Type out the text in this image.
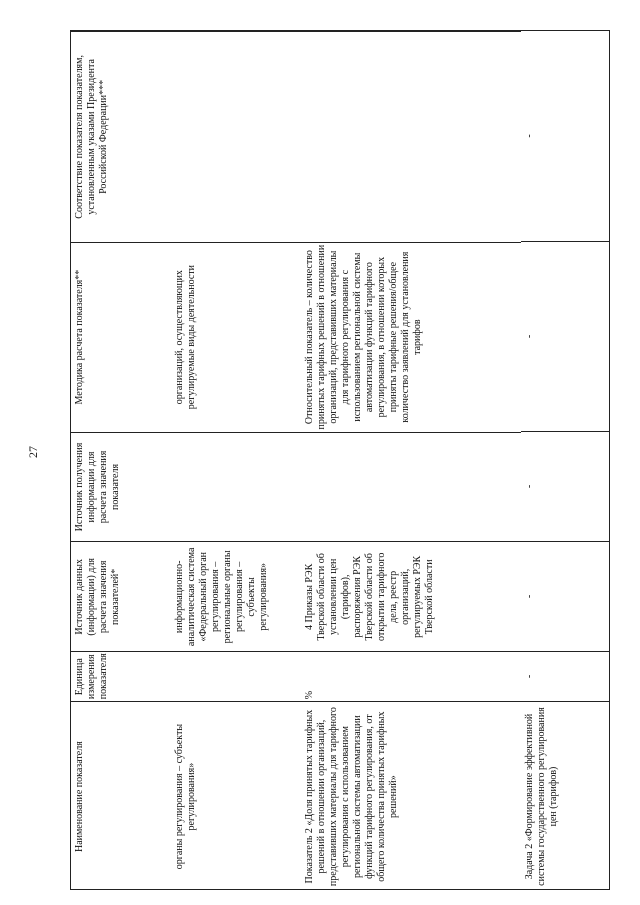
27
Наименование показателя
Единица измерения показателя
Источник данных (информации) для расчета значения показателей*
Источник получения информации для расчета значения показателя
Методика расчета показателя**
Соответствие показателя показателям, установленным указами Президента Российской Федерации***
органы регулирования – субъекты регулирования»
информационно-аналитическая система «Федеральный орган регулирования – региональные органы регулирования – субъекты регулирования»
организаций, осуществляющих регулируемые виды деятельности
Показатель 2 «Доля принятых тарифных решений в отношении организаций, представивших материалы для тарифного регулирования с использованием региональной системы автоматизации функций тарифного регулирования, от общего количества принятых тарифных решений»
%
4 Приказы РЭК Тверской области об установлении цен (тарифов), распоряжения РЭК Тверской области об открытии тарифного дела, реестр организаций, регулируемых РЭК Тверской области
Относительный показатель – количество принятых тарифных решений в отношении организаций, представивших материалы для тарифного регулирования с использованием региональной системы автоматизации функций тарифного регулирования, в отношении которых приняты тарифные решения/общее количество заявлений для установления тарифов
Задача 2 «Формирование эффективной системы государственного регулирования цен (тарифов)
-
-
-
-
-
